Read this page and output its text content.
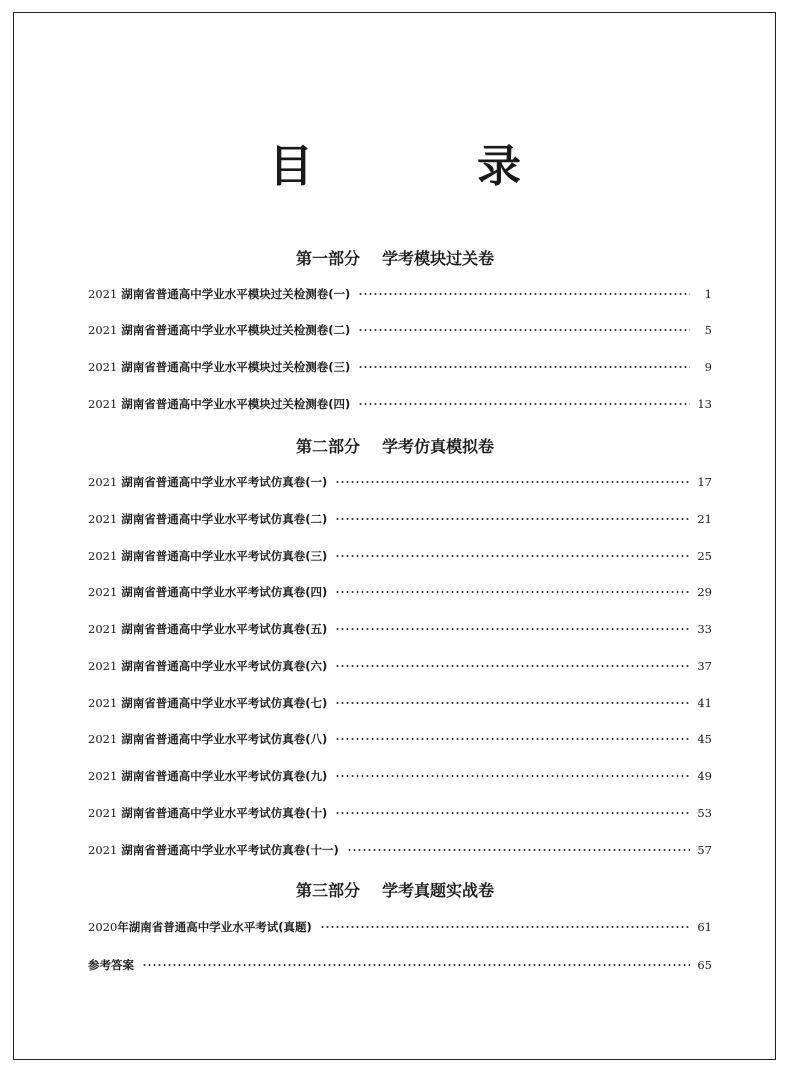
目　录
第一部分 学考模块过关卷
第二部分 学考仿真模拟卷
第三部分 学考真题实战卷
2021 湖南省普通高中学业水平模块过关检测卷(一)	1
2021 湖南省普通高中学业水平模块过关检测卷(二)	5
2021 湖南省普通高中学业水平模块过关检测卷(三)	9
2021 湖南省普通高中学业水平模块过关检测卷(四)	13
2021 湖南省普通高中学业水平考试仿真卷(一)	17
2021 湖南省普通高中学业水平考试仿真卷(二)	21
2021 湖南省普通高中学业水平考试仿真卷(三)	25
2021 湖南省普通高中学业水平考试仿真卷(四)	29
2021 湖南省普通高中学业水平考试仿真卷(五)	33
2021 湖南省普通高中学业水平考试仿真卷(六)	37
2021 湖南省普通高中学业水平考试仿真卷(七)	41
2021 湖南省普通高中学业水平考试仿真卷(八)	45
2021 湖南省普通高中学业水平考试仿真卷(九)	49
2021 湖南省普通高中学业水平考试仿真卷(十)	53
2021 湖南省普通高中学业水平考试仿真卷(十一)	57
2020年湖南省普通高中学业水平考试(真题)	61
参考答案	65
